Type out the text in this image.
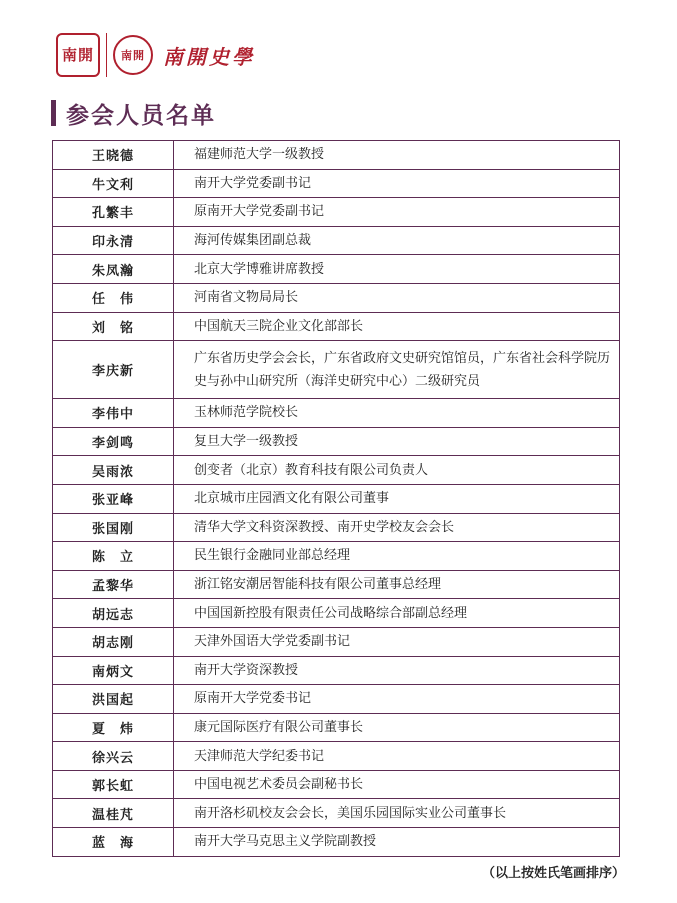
南開	南開 南開史學
参会人员名单
王晓德	福建师范大学一级教授
牛文利	南开大学党委副书记
孔繁丰	原南开大学党委副书记
印永清	海河传媒集团副总裁
朱凤瀚	北京大学博雅讲席教授
任　伟	河南省文物局局长
刘　铭	中国航天三院企业文化部部长
李庆新	广东省历史学会会长，广东省政府文史研究馆馆员，广东省社会科学院历史与孙中山研究所（海洋史研究中心）二级研究员
李伟中	玉林师范学院校长
李剑鸣	复旦大学一级教授
吴雨浓	创变者（北京）教育科技有限公司负责人
张亚峰	北京城市庄园酒文化有限公司董事
张国刚	清华大学文科资深教授、南开史学校友会会长
陈　立	民生银行金融同业部总经理
孟黎华	浙江铭安潮居智能科技有限公司董事总经理
胡远志	中国国新控股有限责任公司战略综合部副总经理
胡志刚	天津外国语大学党委副书记
南炳文	南开大学资深教授
洪国起	原南开大学党委书记
夏　炜	康元国际医疗有限公司董事长
徐兴云	天津师范大学纪委书记
郭长虹	中国电视艺术委员会副秘书长
温桂芃	南开洛杉矶校友会会长，美国乐园国际实业公司董事长
蓝　海	南开大学马克思主义学院副教授
（以上按姓氏笔画排序）
